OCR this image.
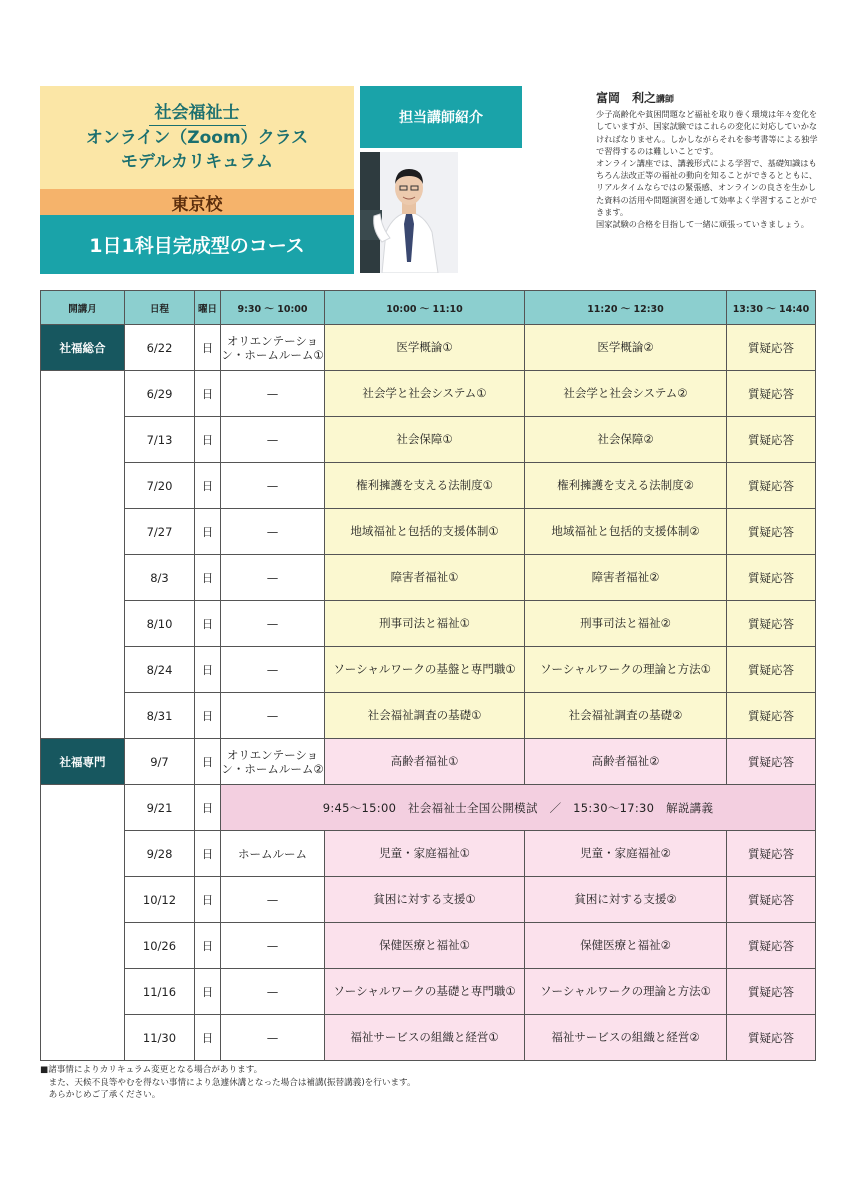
社会福祉士
オンライン（Zoom）クラス
モデルカリキュラム
東京校
1日1科目完成型のコース
担当講師紹介
富岡　利之講師

少子高齢化や貧困問題など福祉を取り巻く環境は年々変化をしていますが、国家試験ではこれらの変化に対応していかなければなりません。しかしながらそれを参考書等による独学で習得するのは難しいことです。

オンライン講座では、講義形式による学習で、基礎知識はもちろん法改正等の福祉の動向を知ることができるとともに、リアルタイムならではの緊張感、オンラインの良さを生かした資料の活用や問題演習を通して効率よく学習することができます。

国家試験の合格を目指して一緒に頑張っていきましょう。

開講月	日程	曜日	9:30 ～ 10:00	10:00 ～ 11:10	11:20 ～ 12:30	13:30 ～ 14:40
社福総合	6/22	日	オリエンテーション・ホームルーム①	医学概論①	医学概論②	質疑応答
	6/29	日	—	社会学と社会システム①	社会学と社会システム②	質疑応答
	7/13	日	—	社会保障①	社会保障②	質疑応答
	7/20	日	—	権利擁護を支える法制度①	権利擁護を支える法制度②	質疑応答
	7/27	日	—	地域福祉と包括的支援体制①	地域福祉と包括的支援体制②	質疑応答
	8/3	日	—	障害者福祉①	障害者福祉②	質疑応答
	8/10	日	—	刑事司法と福祉①	刑事司法と福祉②	質疑応答
	8/24	日	—	ソーシャルワークの基盤と専門職①	ソーシャルワークの理論と方法①	質疑応答
	8/31	日	—	社会福祉調査の基礎①	社会福祉調査の基礎②	質疑応答
社福専門	9/7	日	オリエンテーション・ホームルーム②	高齢者福祉①	高齢者福祉②	質疑応答
	9/21	日	9:45～15:00　社会福祉士全国公開模試　／　15:30～17:30　解説講義			
	9/28	日	ホームルーム	児童・家庭福祉①	児童・家庭福祉②	質疑応答
	10/12	日	—	貧困に対する支援①	貧困に対する支援②	質疑応答
	10/26	日	—	保健医療と福祉①	保健医療と福祉②	質疑応答
	11/16	日	—	ソーシャルワークの基礎と専門職①	ソーシャルワークの理論と方法①	質疑応答
	11/30	日	—	福祉サービスの組織と経営①	福祉サービスの組織と経営②	質疑応答

■諸事情によりカリキュラム変更となる場合があります。

　また、天候不良等やむを得ない事情により急遽休講となった場合は補講(振替講義)を行います。

　あらかじめご了承ください。
